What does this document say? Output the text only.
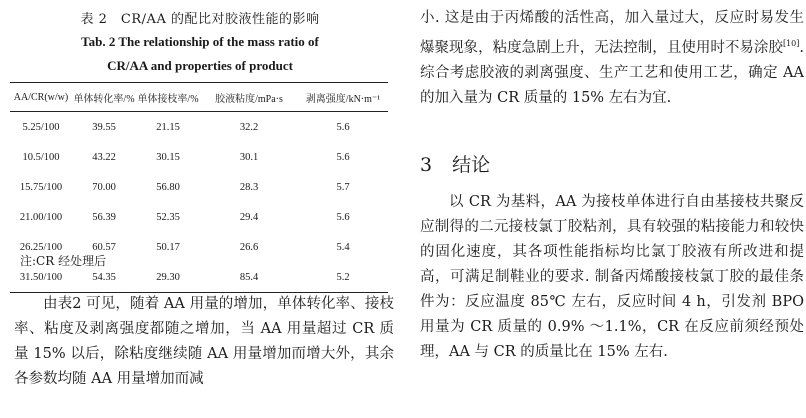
表 2　CR/AA 的配比对胶液性能的影响
Tab. 2 The relationship of the mass ratio of
CR/AA and properties of product
AA/CR(w/w)	单体转化率/%	单体接枝率/%	胶液粘度/mPa·s	剥离强度/kN·m⁻¹
5.25/100	39.55	21.15	32.2	5.6
10.5/100	43.22	30.15	30.1	5.6
15.75/100	70.00	56.80	28.3	5.7
21.00/100	56.39	52.35	29.4	5.6
26.25/100	60.57	50.17	26.6	5.4
31.50/100	54.35	29.30	85.4	5.2
注:CR 经处理后
由表2 可见，随着 AA 用量的增加，单体转化率、接枝率、粘度及剥离强度都随之增加，当 AA 用量超过 CR 质量 15% 以后，除粘度继续随 AA 用量增加而增大外，其余各参数均随 AA 用量增加而减
小. 这是由于丙烯酸的活性高，加入量过大，反应时易发生爆聚现象，粘度急剧上升，无法控制，且使用时不易涂胶[10]. 综合考虑胶液的剥离强度、生产工艺和使用工艺，确定 AA 的加入量为 CR 质量的 15% 左右为宜.
3 结论
以 CR 为基料，AA 为接枝单体进行自由基接枝共聚反应制得的二元接枝氯丁胶粘剂，具有较强的粘接能力和较快的固化速度，其各项性能指标均比氯丁胶液有所改进和提高，可满足制鞋业的要求. 制备丙烯酸接枝氯丁胶的最佳条件为：反应温度 85℃ 左右，反应时间 4 h，引发剂 BPO 用量为 CR 质量的 0.9% ～1.1%，CR 在反应前须经预处理，AA 与 CR 的质量比在 15% 左右.
